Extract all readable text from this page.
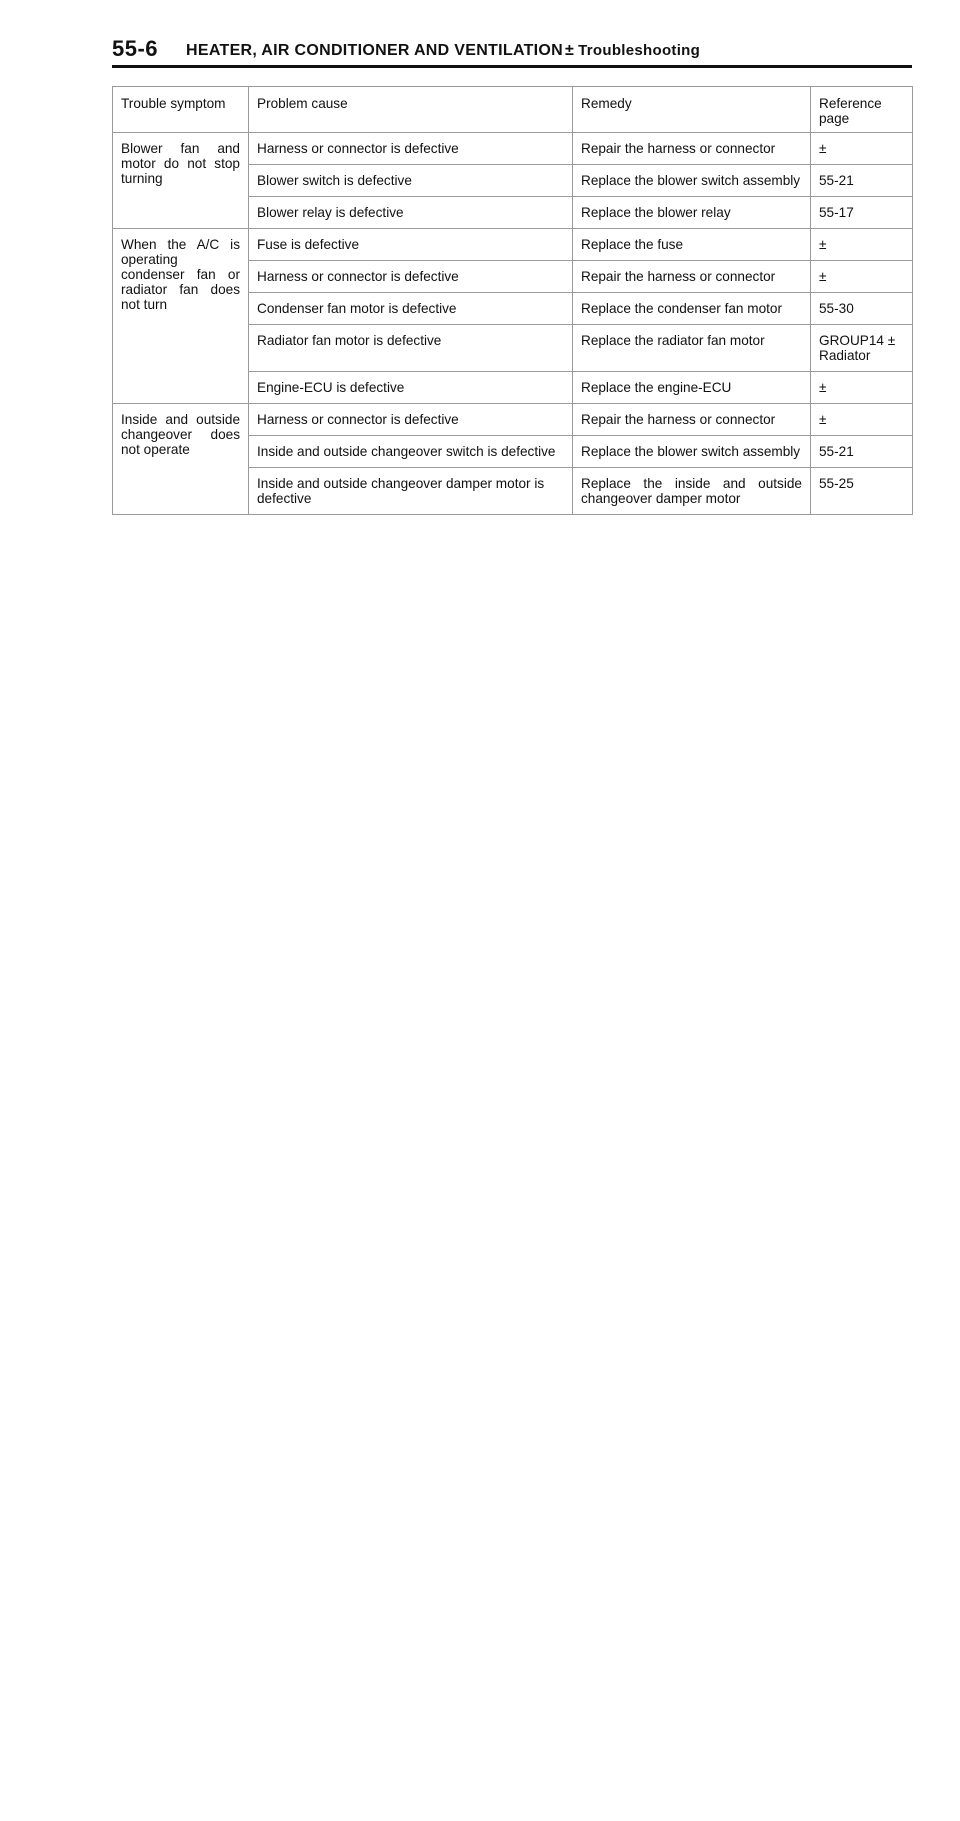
55-6 HEATER, AIR CONDITIONER AND VENTILATION ± Troubleshooting
Trouble symptom	Problem cause	Remedy	Reference page
Blower fan and motor do not stop turning	Harness or connector is defective	Repair the harness or connector	±
	Blower switch is defective	Replace the blower switch assembly	55-21
	Blower relay is defective	Replace the blower relay	55-17
When the A/C is operating condenser fan or radiator fan does not turn	Fuse is defective	Replace the fuse	±
	Harness or connector is defective	Repair the harness or connector	±
	Condenser fan motor is defective	Replace the condenser fan motor	55-30
	Radiator fan motor is defective	Replace the radiator fan motor	GROUP14 ± Radiator
	Engine-ECU is defective	Replace the engine-ECU	±
Inside and outside changeover does not operate	Harness or connector is defective	Repair the harness or connector	±
	Inside and outside changeover switch is defective	Replace the blower switch assembly	55-21
	Inside and outside changeover damper motor is defective	Replace the inside and outside changeover damper motor	55-25
